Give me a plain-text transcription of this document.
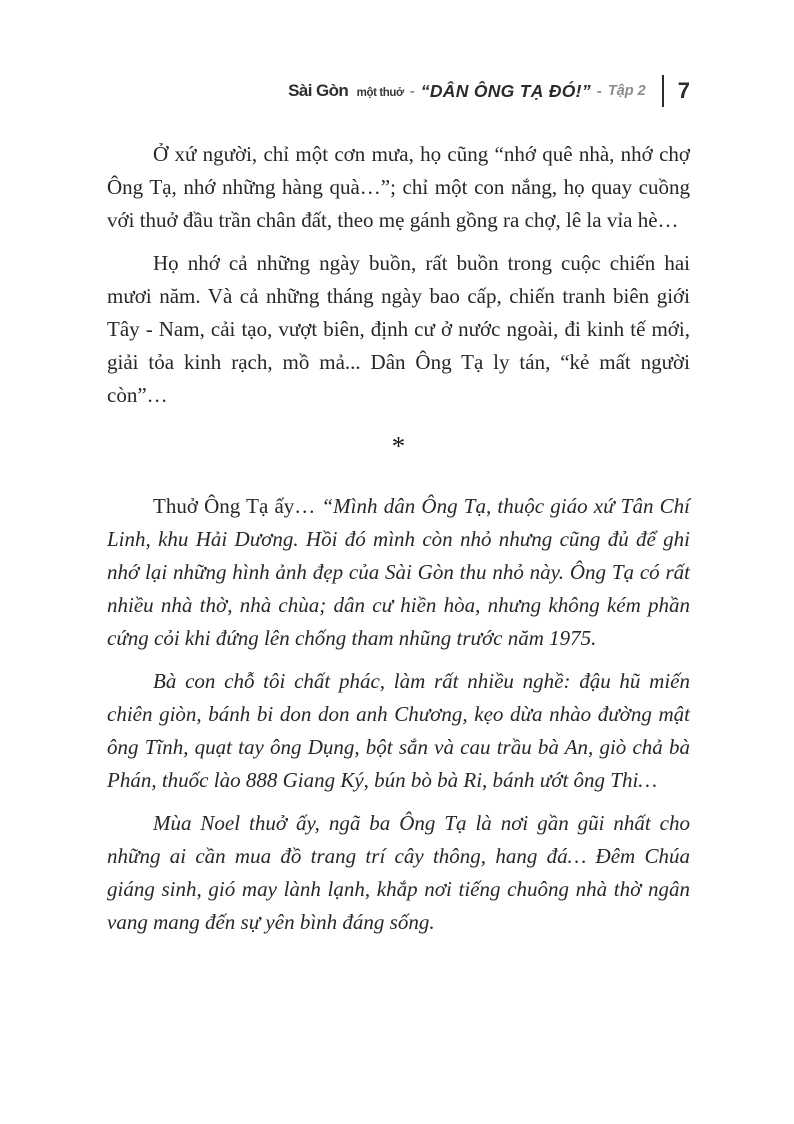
Sài Gòn một thuở - “DÂN ÔNG TẠ ĐÓ!” - Tập 2 7

Ở xứ người, chỉ một cơn mưa, họ cũng “nhớ quê nhà, nhớ chợ Ông Tạ, nhớ những hàng quà…”; chỉ một con nắng, họ quay cuồng với thuở đầu trần chân đất, theo mẹ gánh gồng ra chợ, lê la vỉa hè…

Họ nhớ cả những ngày buồn, rất buồn trong cuộc chiến hai mươi năm. Và cả những tháng ngày bao cấp, chiến tranh biên giới Tây - Nam, cải tạo, vượt biên, định cư ở nước ngoài, đi kinh tế mới, giải tỏa kinh rạch, mồ mả... Dân Ông Tạ ly tán, “kẻ mất người còn”…

*

Thuở Ông Tạ ấy… “Mình dân Ông Tạ, thuộc giáo xứ Tân Chí Linh, khu Hải Dương. Hồi đó mình còn nhỏ nhưng cũng đủ để ghi nhớ lại những hình ảnh đẹp của Sài Gòn thu nhỏ này. Ông Tạ có rất nhiều nhà thờ, nhà chùa; dân cư hiền hòa, nhưng không kém phần cứng cỏi khi đứng lên chống tham nhũng trước năm 1975.

Bà con chỗ tôi chất phác, làm rất nhiều nghề: đậu hũ miến chiên giòn, bánh bi don don anh Chương, kẹo dừa nhào đường mật ông Tĩnh, quạt tay ông Dụng, bột sắn và cau trầu bà An, giò chả bà Phán, thuốc lào 888 Giang Ký, bún bò bà Ri, bánh ướt ông Thi…

Mùa Noel thuở ấy, ngã ba Ông Tạ là nơi gần gũi nhất cho những ai cần mua đồ trang trí cây thông, hang đá… Đêm Chúa giáng sinh, gió may lành lạnh, khắp nơi tiếng chuông nhà thờ ngân vang mang đến sự yên bình đáng sống.
